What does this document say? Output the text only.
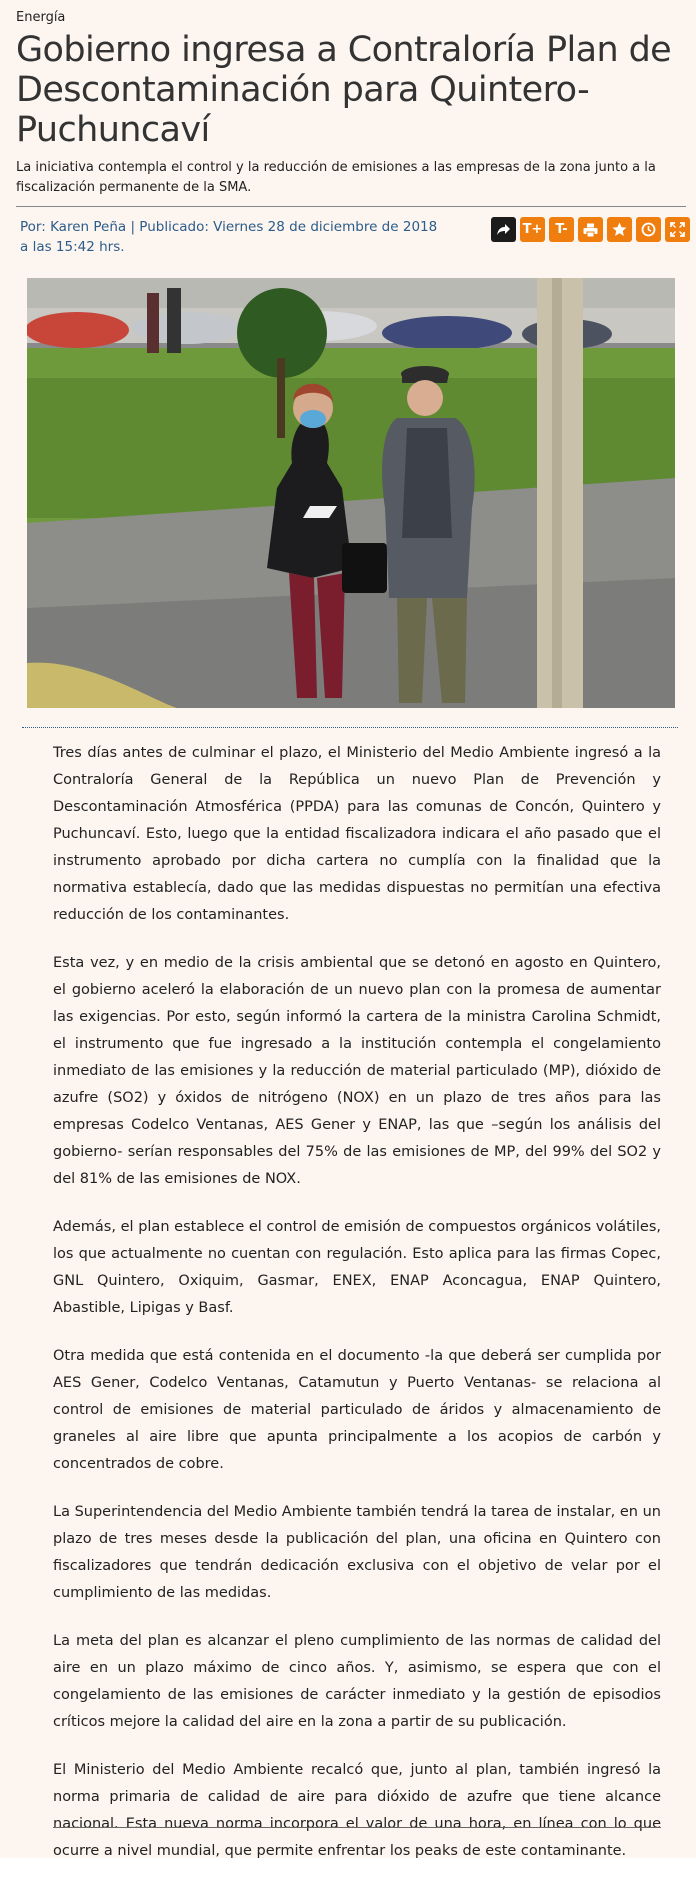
Energía
Gobierno ingresa a Contraloría Plan de Descontaminación para Quintero-Puchuncaví
La iniciativa contempla el control y la reducción de emisiones a las empresas de la zona junto a la fiscalización permanente de la SMA.
Por: Karen Peña | Publicado: Viernes 28 de diciembre de 2018 a las 15:42 hrs.
T+ T-

Tres días antes de culminar el plazo, el Ministerio del Medio Ambiente ingresó a la Contraloría General de la República un nuevo Plan de Prevención y Descontaminación Atmosférica (PPDA) para las comunas de Concón, Quintero y Puchuncaví. Esto, luego que la entidad fiscalizadora indicara el año pasado que el instrumento aprobado por dicha cartera no cumplía con la finalidad que la normativa establecía, dado que las medidas dispuestas no permitían una efectiva reducción de los contaminantes.

Esta vez, y en medio de la crisis ambiental que se detonó en agosto en Quintero, el gobierno aceleró la elaboración de un nuevo plan con la promesa de aumentar las exigencias. Por esto, según informó la cartera de la ministra Carolina Schmidt, el instrumento que fue ingresado a la institución contempla el congelamiento inmediato de las emisiones y la reducción de material particulado (MP), dióxido de azufre (SO2) y óxidos de nitrógeno (NOX) en un plazo de tres años para las empresas Codelco Ventanas, AES Gener y ENAP, las que –según los análisis del gobierno- serían responsables del 75% de las emisiones de MP, del 99% del SO2 y del 81% de las emisiones de NOX.

Además, el plan establece el control de emisión de compuestos orgánicos volátiles, los que actualmente no cuentan con regulación. Esto aplica para las firmas Copec, GNL Quintero, Oxiquim, Gasmar, ENEX, ENAP Aconcagua, ENAP Quintero, Abastible, Lipigas y Basf.

Otra medida que está contenida en el documento -la que deberá ser cumplida por AES Gener, Codelco Ventanas, Catamutun y Puerto Ventanas- se relaciona al control de emisiones de material particulado de áridos y almacenamiento de graneles al aire libre que apunta principalmente a los acopios de carbón y concentrados de cobre.

La Superintendencia del Medio Ambiente también tendrá la tarea de instalar, en un plazo de tres meses desde la publicación del plan, una oficina en Quintero con fiscalizadores que tendrán dedicación exclusiva con el objetivo de velar por el cumplimiento de las medidas.

La meta del plan es alcanzar el pleno cumplimiento de las normas de calidad del aire en un plazo máximo de cinco años. Y, asimismo, se espera que con el congelamiento de las emisiones de carácter inmediato y la gestión de episodios críticos mejore la calidad del aire en la zona a partir de su publicación.

El Ministerio del Medio Ambiente recalcó que, junto al plan, también ingresó la norma primaria de calidad de aire para dióxido de azufre que tiene alcance nacional. Esta nueva norma incorpora el valor de una hora, en línea con lo que ocurre a nivel mundial, que permite enfrentar los peaks de este contaminante.
